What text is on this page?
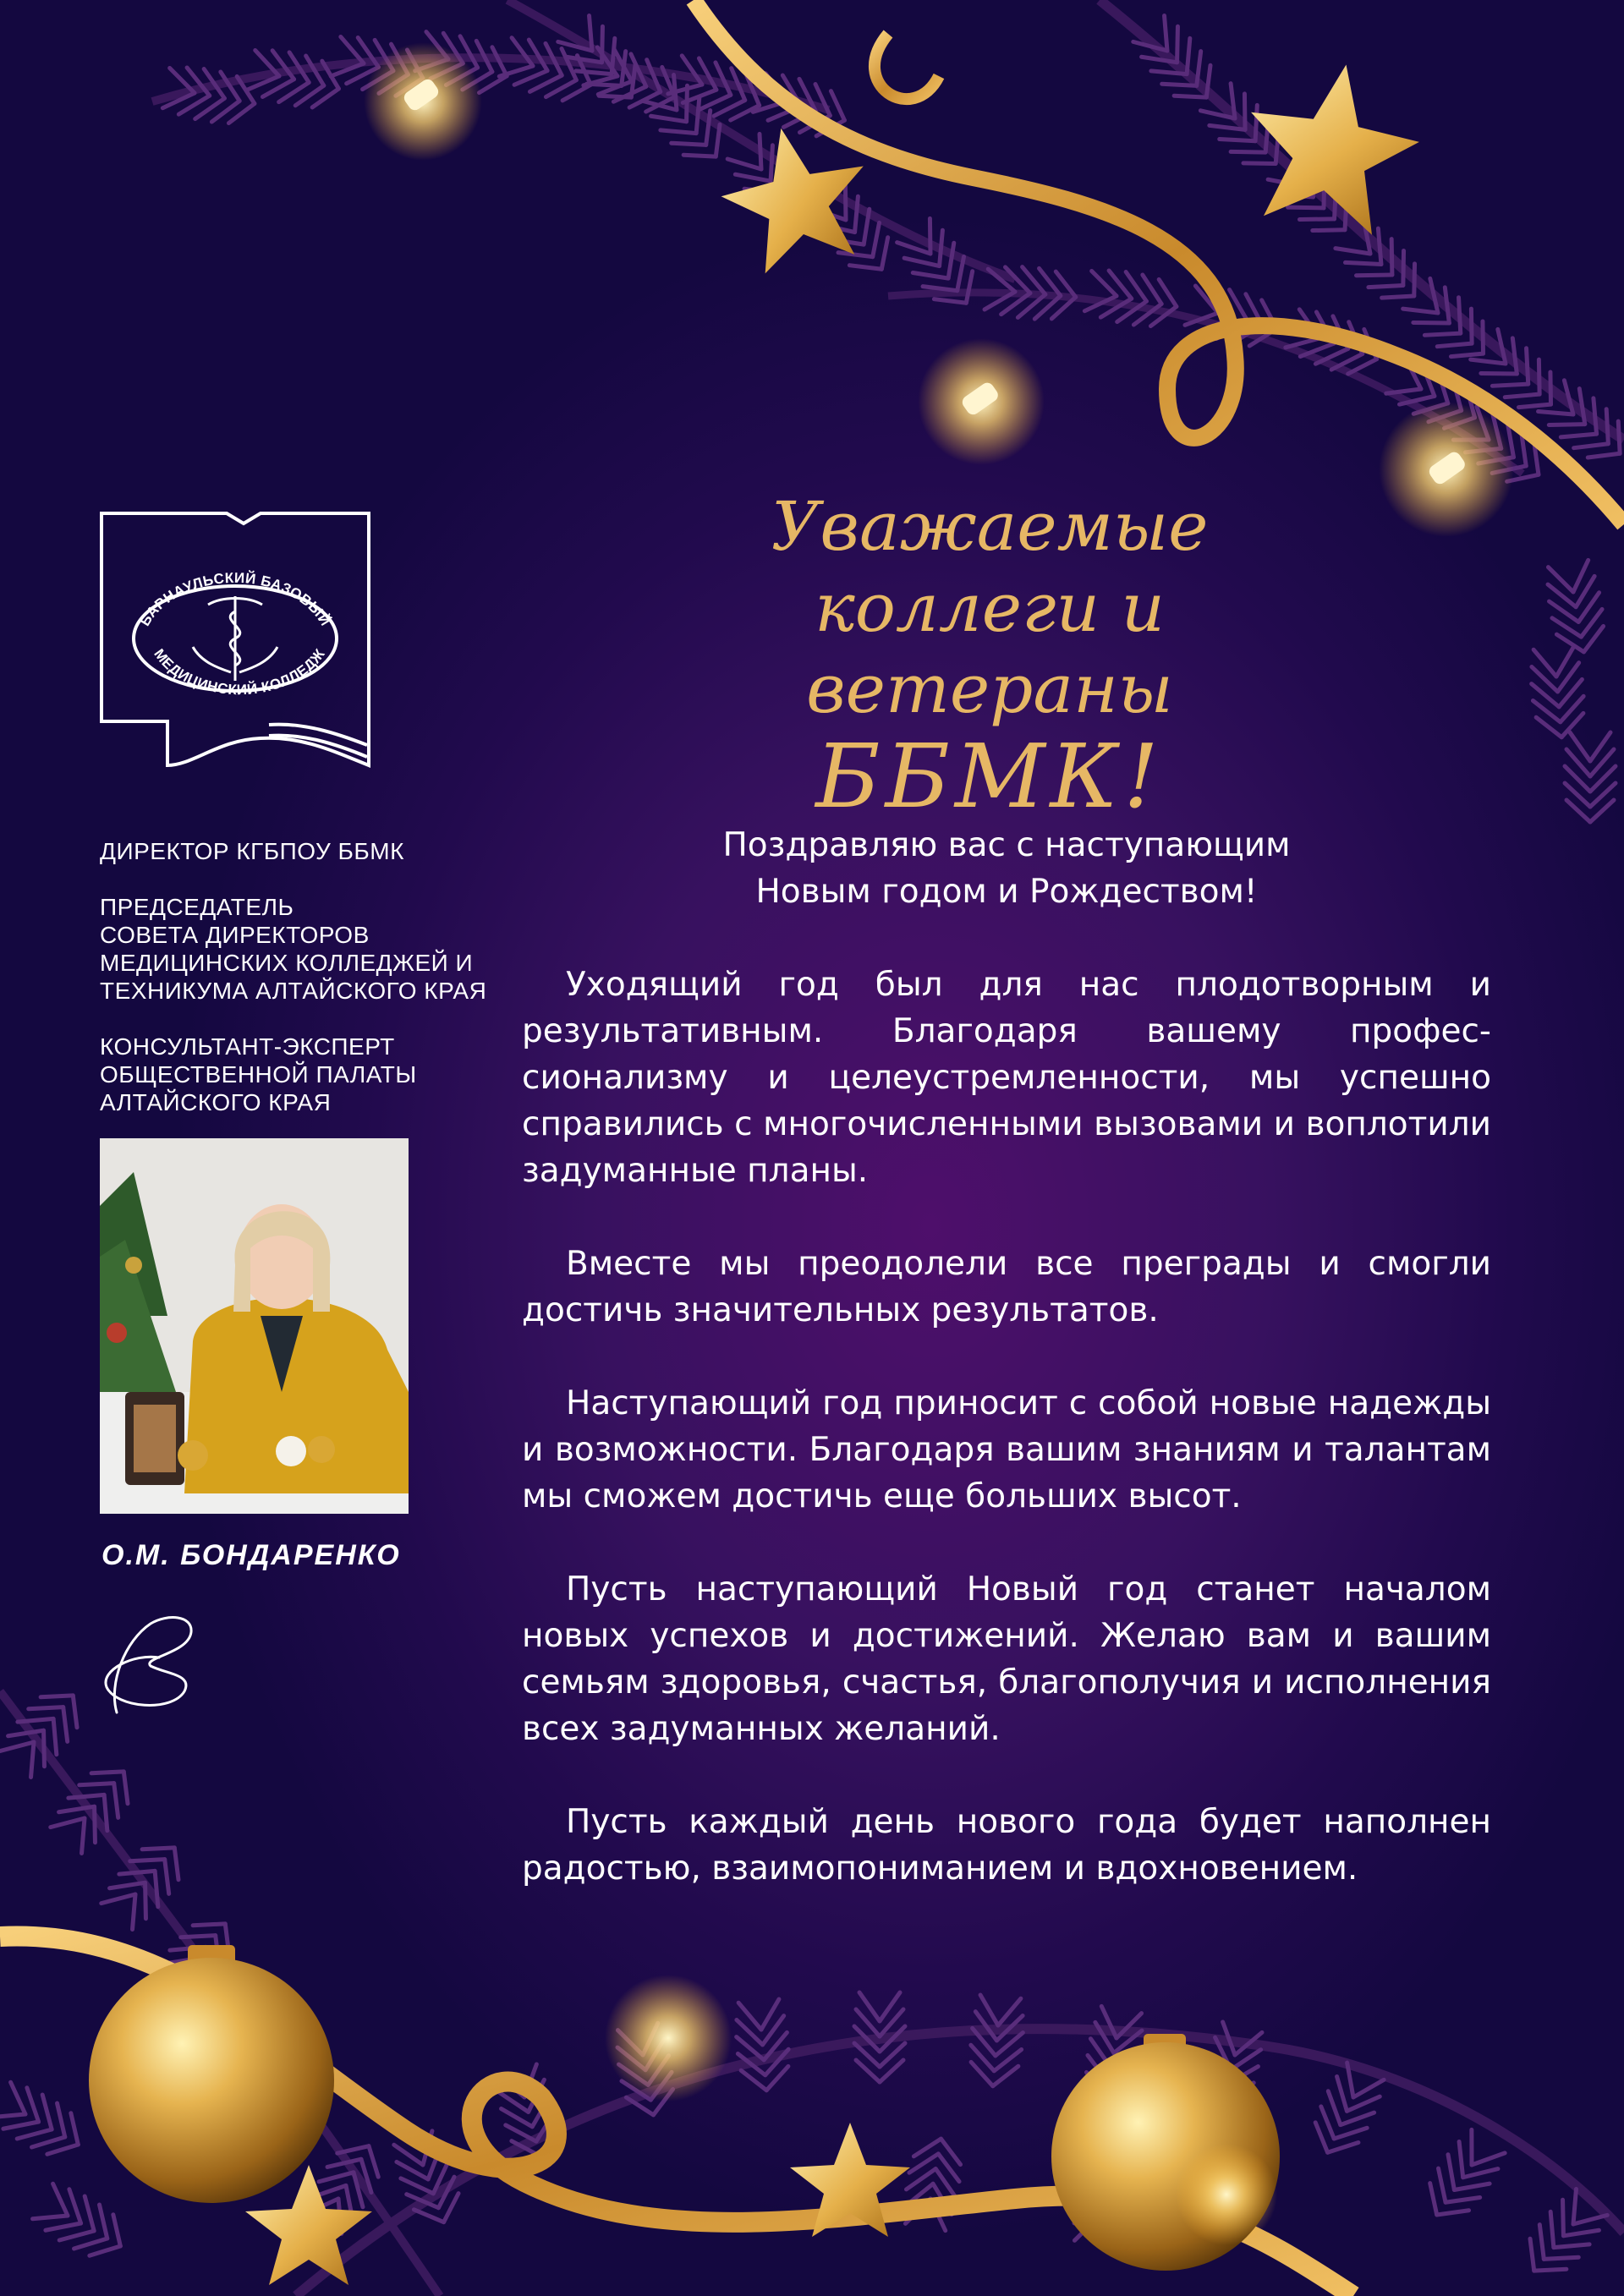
БАРНАУЛЬСКИЙ БАЗОВЫЙ
МЕДИЦИНСКИЙ КОЛЛЕДЖ
ДИРЕКТОР КГБПОУ ББМК
ПРЕДСЕДАТЕЛЬ
СОВЕТА ДИРЕКТОРОВ
МЕДИЦИНСКИХ КОЛЛЕДЖЕЙ И
ТЕХНИКУМА АЛТАЙСКОГО КРАЯ
КОНСУЛЬТАНТ-ЭКСПЕРТ
ОБЩЕСТВЕННОЙ ПАЛАТЫ
АЛТАЙСКОГО КРАЯ
О.М. БОНДАРЕНКО
Уважаемые
коллеги и ветераны
ББМК!

Поздравляю вас с наступающим
Новым годом и Рождеством!

Уходящий год был для нас плодотворным и результативным. Благодаря вашему профес-сионализму и целеустремленности, мы успешно справились с многочисленными вызовами и воплотили задуманные планы.

Вместе мы преодолели все преграды и смогли достичь значительных результатов.

Наступающий год приносит с собой новые надежды и возможности. Благодаря вашим знаниям и талантам мы сможем достичь еще больших высот.

Пусть наступающий Новый год станет началом новых успехов и достижений. Желаю вам и вашим семьям здоровья, счастья, благополучия и исполнения всех задуманных желаний.

Пусть каждый день нового года будет наполнен радостью, взаимопониманием и вдохновением.
